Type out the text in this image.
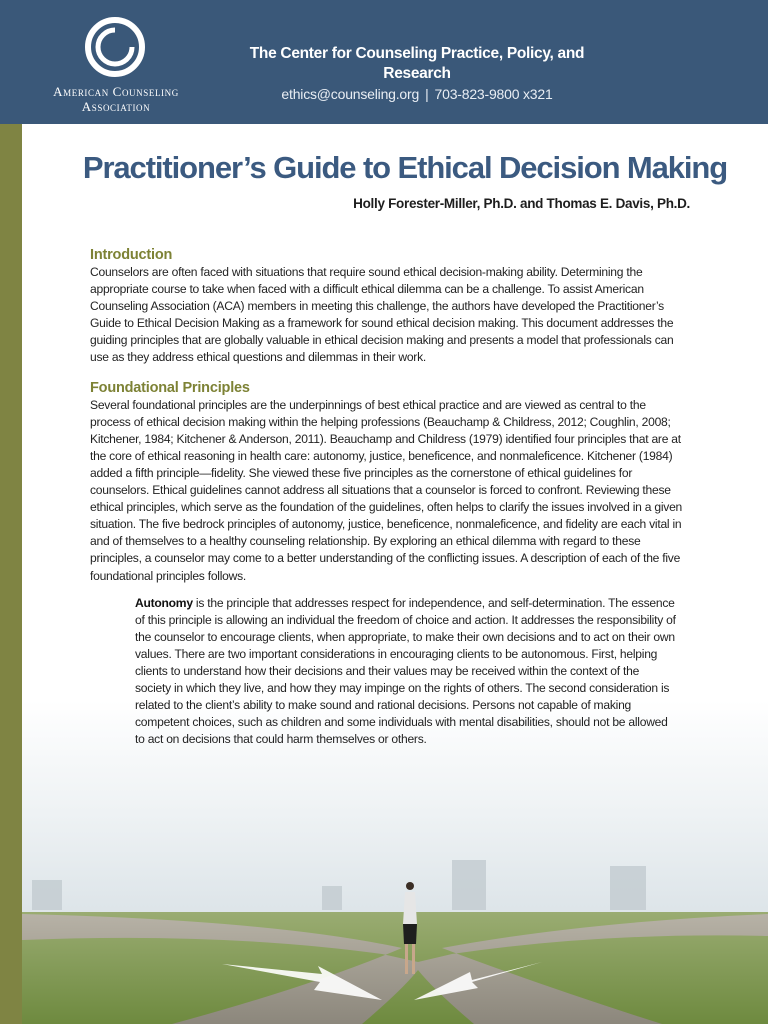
American Counseling
Association
The Center for Counseling Practice, Policy, and Research
ethics@counseling.org | 703-823-9800 x321
Practitioner’s Guide to Ethical Decision Making
Holly Forester-Miller, Ph.D. and Thomas E. Davis, Ph.D.
Introduction

Counselors are often faced with situations that require sound ethical decision-making ability. Determining the appropriate course to take when faced with a difficult ethical dilemma can be a challenge. To assist American Counseling Association (ACA) members in meeting this challenge, the authors have developed the Practitioner’s Guide to Ethical Decision Making as a framework for sound ethical decision making. This document addresses the guiding principles that are globally valuable in ethical decision making and presents a model that professionals can use as they address ethical questions and dilemmas in their work.

Foundational Principles

Several foundational principles are the underpinnings of best ethical practice and are viewed as central to the process of ethical decision making within the helping professions (Beauchamp & Childress, 2012; Coughlin, 2008; Kitchener, 1984; Kitchener & Anderson, 2011). Beauchamp and Childress (1979) identified four principles that are at the core of ethical reasoning in health care: autonomy, justice, beneficence, and nonmaleficence. Kitchener (1984) added a fifth principle—fidelity. She viewed these five principles as the cornerstone of ethical guidelines for counselors. Ethical guidelines cannot address all situations that a counselor is forced to confront. Reviewing these ethical principles, which serve as the foundation of the guidelines, often helps to clarify the issues involved in a given situation. The five bedrock principles of autonomy, justice, beneficence, nonmaleficence, and fidelity are each vital in and of themselves to a healthy counseling relationship. By exploring an ethical dilemma with regard to these principles, a counselor may come to a better understanding of the conflicting issues. A description of each of the five foundational principles follows.

Autonomy is the principle that addresses respect for independence, and self-determination. The essence of this principle is allowing an individual the freedom of choice and action. It addresses the responsibility of the counselor to encourage clients, when appropriate, to make their own decisions and to act on their own values. There are two important considerations in encouraging clients to be autonomous. First, helping clients to understand how their decisions and their values may be received within the context of the society in which they live, and how they may impinge on the rights of others. The second consideration is related to the client’s ability to make sound and rational decisions. Persons not capable of making competent choices, such as children and some individuals with mental disabilities, should not be allowed to act on decisions that could harm themselves or others.
